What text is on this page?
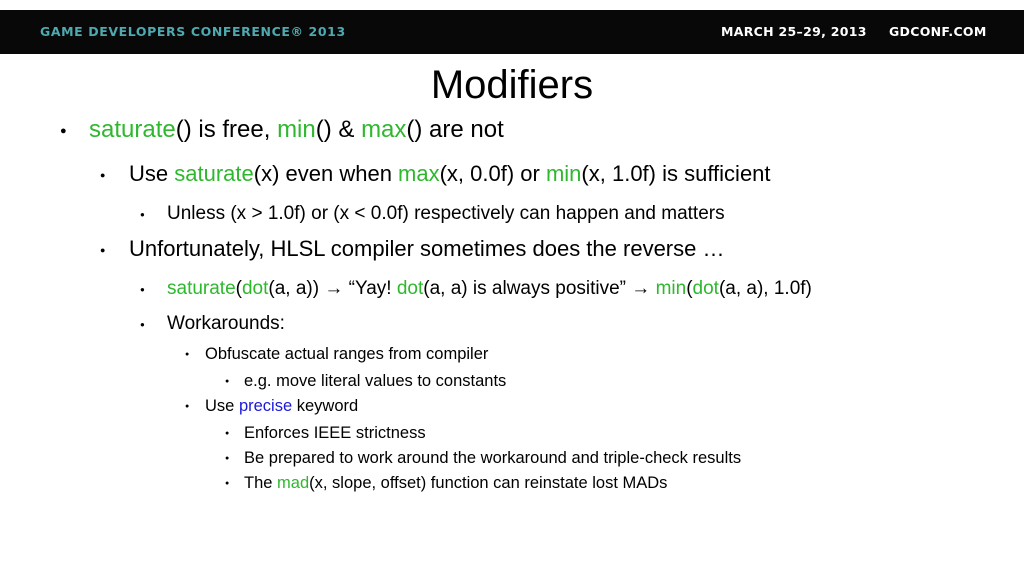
GAME DEVELOPERS CONFERENCE® 2013	MARCH 25–29, 2013 GDCONF.COM
Modifiers
● saturate() is free, min() & max() are not
● Use saturate(x) even when max(x, 0.0f) or min(x, 1.0f) is sufficient
● Unless (x > 1.0f) or (x < 0.0f) respectively can happen and matters
● Unfortunately, HLSL compiler sometimes does the reverse …
● saturate(dot(a, a)) → “Yay! dot(a, a) is always positive” → min(dot(a, a), 1.0f)
● Workarounds:
● Obfuscate actual ranges from compiler
● e.g. move literal values to constants
● Use precise keyword
● Enforces IEEE strictness
● Be prepared to work around the workaround and triple-check results
● The mad(x, slope, offset) function can reinstate lost MADs
